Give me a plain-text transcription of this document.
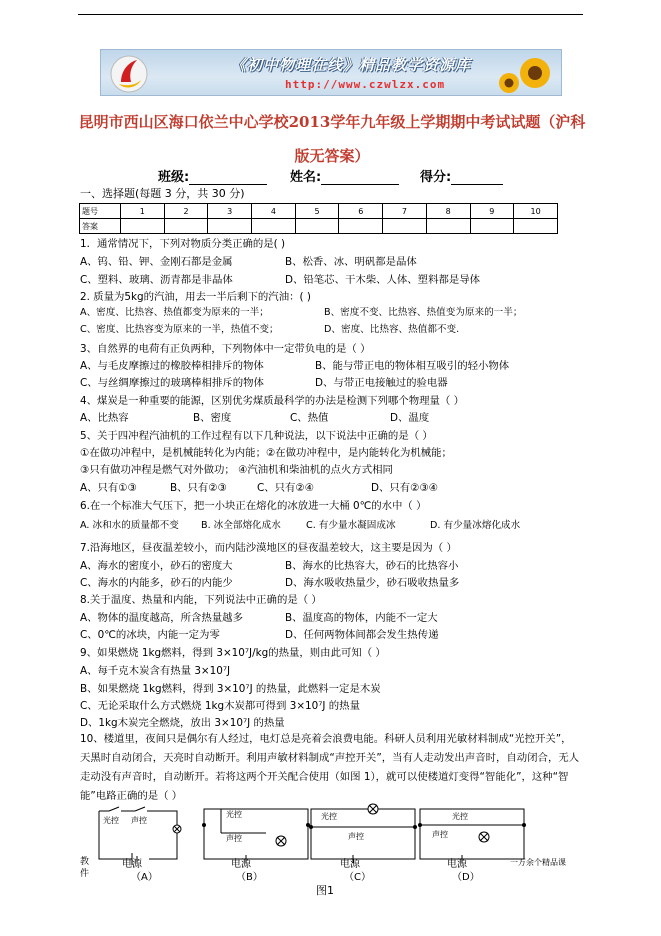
《初中物理在线》精品教学资源库
http://www.czwlzx.com
昆明市西山区海口依兰中心学校2013学年九年级上学期期中考试试题（沪科版无答案）
班级:	姓名:	得分:
一、选择题(每题 3 分，共 30 分)
题号	1	2	3	4	5	6	7	8	9	10
答案										
1．通常情况下，下列对物质分类正确的是( )
A、钨、铅、钾、金刚石都是金属	B、松香、冰、明矾都是晶体
C、塑料、玻璃、沥青都是非晶体	D、铅笔芯、干木柴、人体、塑料都是导体
2. 质量为5kg的汽油，用去一半后剩下的汽油：( )
A、密度、比热容、热值都变为原来的一半；	B、密度不变、比热容、热值变为原来的一半；
C、密度、比热容变为原来的一半，热值不变；	D、密度、比热容、热值都不变.
3、自然界的电荷有正负两种，下列物体中一定带负电的是（ ）
A、与毛皮摩擦过的橡胶棒相排斥的物体	B、能与带正电的物体相互吸引的轻小物体
C、与丝绸摩擦过的玻璃棒相排斥的物体	D、与带正电接触过的验电器
4、煤炭是一种重要的能源，区别优劣煤质最科学的办法是检测下列哪个物理量（ ）
A、比热容	B、密度	C、热值	D、温度
5、关于四冲程汽油机的工作过程有以下几种说法，以下说法中正确的是（ ）
①在做功冲程中，是机械能转化为内能；②在做功冲程中，是内能转化为机械能；
③只有做功冲程是燃气对外做功； ④汽油机和柴油机的点火方式相同
A、只有①③	B、只有②③	C、只有②④	D、只有②③④
6.在一个标准大气压下，把一小块正在熔化的冰放进一大桶 0℃的水中（ ）
A. 冰和水的质量都不变 B. 冰全部熔化成水	C. 有少量水凝固成冰	D. 有少量冰熔化成水
7.沿海地区，昼夜温差较小，而内陆沙漠地区的昼夜温差较大，这主要是因为（ ）
A、海水的密度小，砂石的密度大	B、海水的比热容大，砂石的比热容小
C、海水的内能多，砂石的内能少	D、海水吸收热量少，砂石吸收热量多
8.关于温度、热量和内能，下列说法中正确的是（ ）
A、物体的温度越高，所含热量越多	B、温度高的物体，内能不一定大
C、0℃的冰块，内能一定为零	D、任何两物体间都会发生热传递
9、如果燃烧 1kg燃料，得到 3×10⁷J/kg的热量，则由此可知（ ）
A、每千克木炭含有热量 3×10⁷J
B、如果燃烧 1kg燃料，得到 3×10⁷J 的热量，此燃料一定是木炭
C、无论采取什么方式燃烧 1kg木炭都可得到 3×10⁷J 的热量
D、1kg木炭完全燃烧，放出 3×10⁷J 的热量
10、楼道里，夜间只是偶尔有人经过，电灯总是亮着会浪费电能。科研人员利用光敏材料制成“光控开关”，天黑时自动闭合，天亮时自动断开。利用声敏材料制成“声控开关”，当有人走动发出声音时，自动闭合，无人走动没有声音时，自动断开。若将这两个开关配合使用（如图 1），就可以使楼道灯变得“智能化”，这种“智能”电路正确的是（ ）
光控 声控
光控
声控
光控
声控
光控
声控
电源	电源	电源	电源
（A）	（B）	（C）	（D）
教件
一万余个精品课
图1
